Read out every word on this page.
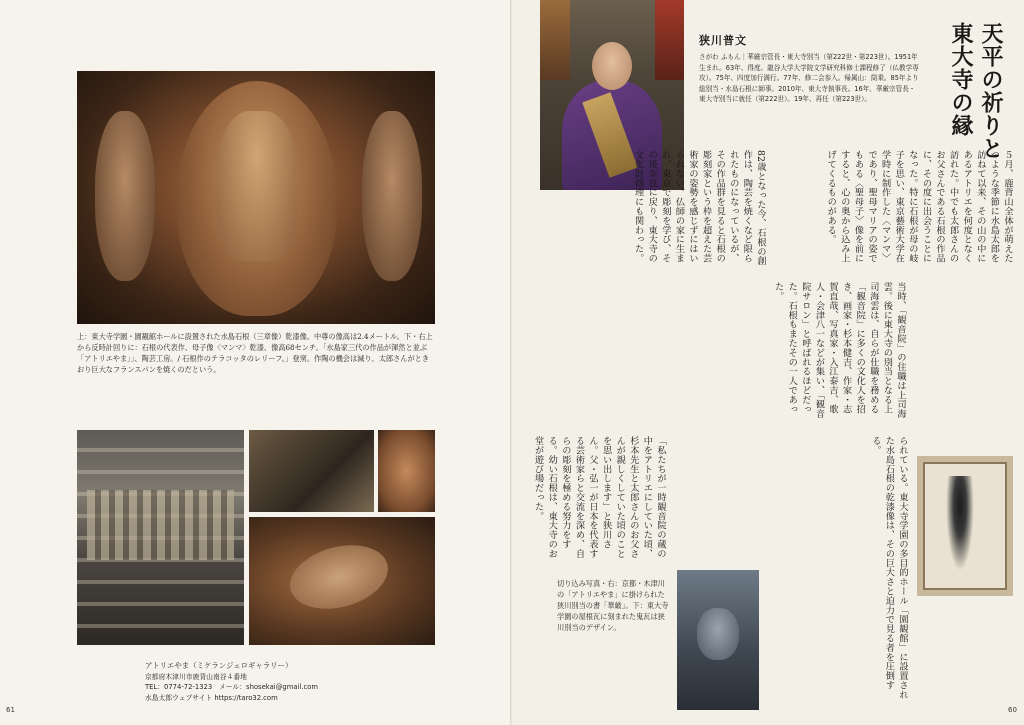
上：東大寺学園・園観館ホールに設置された水島石根（三章像）乾漆像。中尊の像高は2.4メートル。下・右上から反時計回りに：石根の代表作、母子像〈マンマ〉乾漆、像高68センチ。「水島家三代の作品が渾然と並ぶ「アトリエやま」」、陶芸工房。/ 石根作のテラコッタのレリーフ。」登窯。作陶の機会は減り、太郎さんがときおり巨大なフランスパンを焼くのだという。
アトリエやま（ミケランジェロギャラリー）
京都府木津川市鹿背山南谷４番地
TEL：0774-72-1323　メール：shosekai@gmail.com
水島太郎ウェブサイト https://taro32.com
61
狭川普文
さがわ ふもん｜華厳宗管長・東大寺別当（第222世・第223世）。1951年生まれ。63年、得度。龍谷大学大学院文学研究科修士課程修了（仏教学専攻）。75年、四度加行満行。77年、修二会参入。帰属山：筒乗。85年より総別当・水島石根に師事。2010年、東大寺執事長。16年、華厳宗管長・東大寺別当に就任（第222世）。19年、再任（第223世）。	天平の祈りと
東大寺の縁
５月、鹿背山全体が萌えたつような季節に水島太郎を訪ねて以来、その山の中にあるアトリエを何度となく訪れた。中でも太郎さんのお父さんである石根の作品に、その度に出会うことになった。特に石根が母の岐子を思い、東京藝術大学在学時に制作した〈マンマ〉であり、聖母マリアの姿でもある〈聖母子〉像を前にすると、心の奥から込み上げてくるものがある。
82歳となった今、石根の創作は、陶芸を焼くなど限られたものになっているが、その作品群を見ると石根の彫刻家という枠を超えた芸術家の姿勢を感じずにはいられない。仏師の家に生まれ、東京で彫刻を学び、その後奈良に戻り、東大寺の文化財修理にも関わった。
当時、「観音院」の住職は上司海雲。後に東大寺の別当となる上司海雲は、自らが仕職を務める「観音院」に多くの文化人を招き、画家・杉本健吉、作家・志賀直哉、写真家・入江泰吉、歌人・会津八一などが集い、「観音院サロン」と呼ばれるほどだった。石根もまたその一人であった。
「私たちが一時観音院の蔵の中をアトリエにしていた頃、杉本先生と太郎さんのお父さんが親しくしていた頃のことを思い出します」と狭川さん。父・弘一が日本を代表する芸術家らと交流を深め、自らの彫刻を極める努力をする。幼い石根は、東大寺のお堂が遊び場だった。	られている。東大寺学園の多目的ホール「園観館」に設置された水島石根の乾漆像は、その巨大さと迫力で見る者を圧倒する。
切り込み写真・右：京都・木津川の「アトリエやま」に掛けられた狭川別当の書「華厳」。下：東大寺学園の屋根瓦に刻まれた鬼瓦は狭川別当のデザイン。
60
